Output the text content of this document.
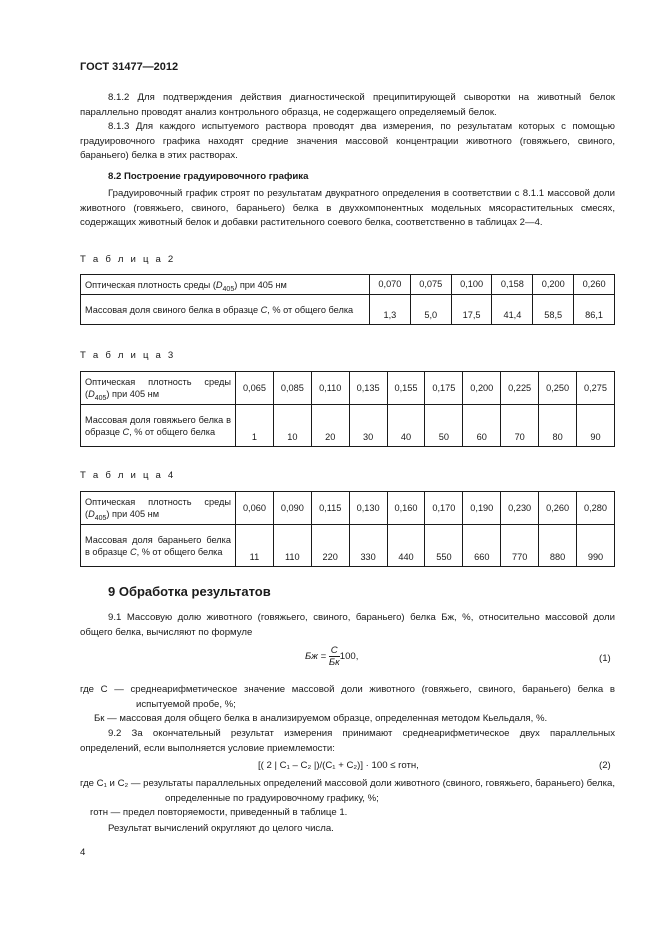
ГОСТ 31477—2012
8.1.2 Для подтверждения действия диагностической преципитирующей сыворотки на животный белок параллельно проводят анализ контрольного образца, не содержащего определяемый белок.
8.1.3 Для каждого испытуемого раствора проводят два измерения, по результатам которых с помощью градуировочного графика находят средние значения массовой концентрации животного (говяжьего, свиного, бараньего) белка в этих растворах.
8.2 Построение градуировочного графика
Градуировочный график строят по результатам двукратного определения в соответствии с 8.1.1 массовой доли животного (говяжьего, свиного, бараньего) белка в двухкомпонентных модельных мясорастительных смесях, содержащих животный белок и добавки растительного соевого белка, соответственно в таблицах 2—4.
Т а б л и ц а 2
Оптическая плотность среды $(D_{405})$ при 405 нм	0,070	0,075	0,100	0,158	0,200	0,260
Массовая доля свиного белка в образце С, % от общего белка	1,3	5,0	17,5	41,4	58,5	86,1
Т а б л и ц а 3
Оптическая плотность среды $(D_{405})$ при 405 нм	0,065	0,085	0,110	0,135	0,155	0,175	0,200	0,225	0,250	0,275
Массовая доля говяжьего белка в образце С, % от общего белка	1	10	20	30	40	50	60	70	80	90
Т а б л и ц а 4
Оптическая плотность среды $(D_{405})$ при 405 нм	0,060	0,090	0,115	0,130	0,160	0,170	0,190	0,230	0,260	0,280
Массовая доля бараньего белка в образце С, % от общего белка	11	110	220	330	440	550	660	770	880	990
9 Обработка результатов
9.1 Массовую долю животного (говяжьего, свиного, бараньего) белка Бж, %, относительно массовой доли общего белка, вычисляют по формуле
Бж = $\frac{C}{Бк} 100$,	(1)
где С — среднеарифметическое значение массовой доли животного (говяжьего, свиного, бараньего) белка в испытуемой пробе, %;
Бк — массовая доля общего белка в анализируемом образце, определенная методом Кьельдаля, %.
9.2 За окончательный результат измерения принимают среднеарифметическое двух параллельных определений, если выполняется условие приемлемости:
[( 2 | C₁ – C₂ |)/(C₁ + C₂)] · 100 ≤ rотн,	(2)
где С₁ и С₂ — результаты параллельных определений массовой доли животного (свиного, говяжьего, бараньего) белка, определенные по градуировочному графику, %;
rотн — предел повторяемости, приведенный в таблице 1.
Результат вычислений округляют до целого числа.
4
